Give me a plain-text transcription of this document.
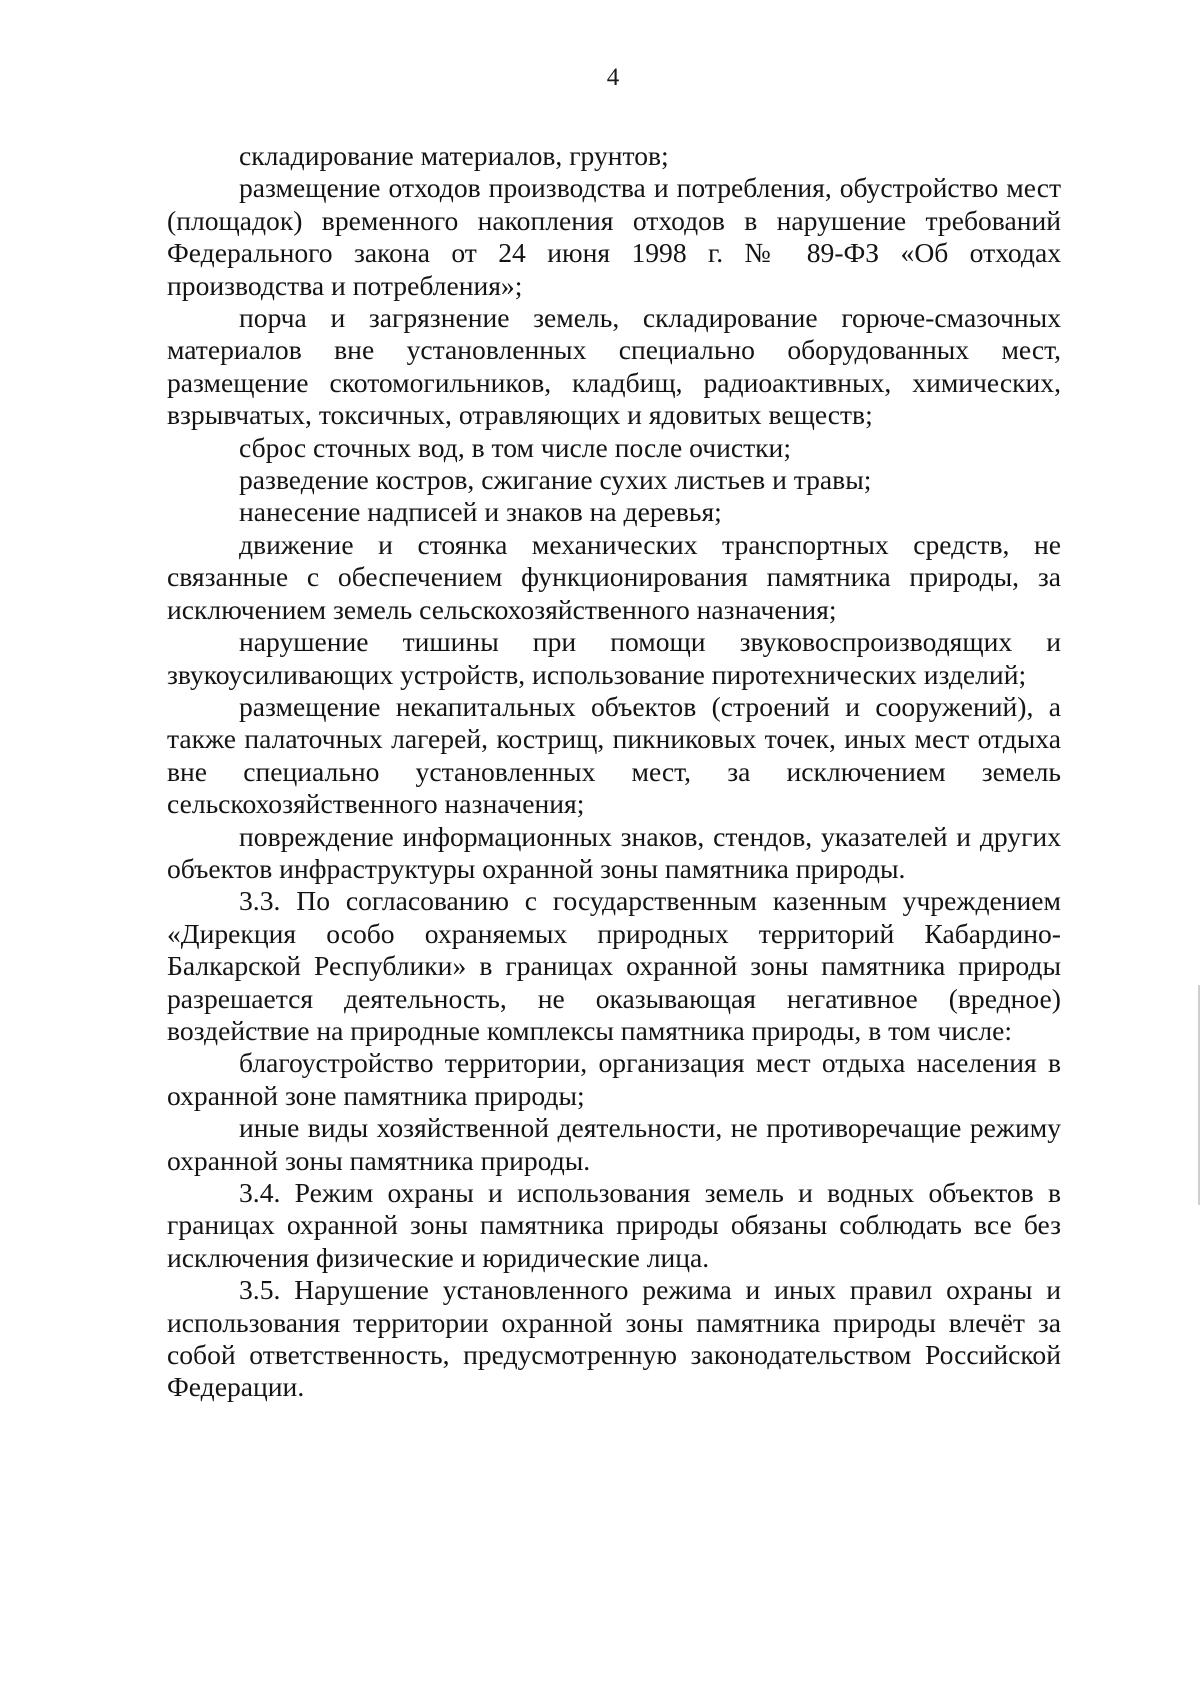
4

складирование материалов, грунтов;

размещение отходов производства и потребления, обустройство мест (площадок) временного накопления отходов в нарушение требований Федерального закона от 24 июня 1998 г. № 89-ФЗ «Об отходах производства и потребления»;

порча и загрязнение земель, складирование горюче-смазочных материалов вне установленных специально оборудованных мест, размещение скотомогильников, кладбищ, радиоактивных, химических, взрывчатых, токсичных, отравляющих и ядовитых веществ;

сброс сточных вод, в том числе после очистки;

разведение костров, сжигание сухих листьев и травы;

нанесение надписей и знаков на деревья;

движение и стоянка механических транспортных средств, не связанные с обеспечением функционирования памятника природы, за исключением земель сельскохозяйственного назначения;

нарушение тишины при помощи звуковоспроизводящих и звукоусиливающих устройств, использование пиротехнических изделий;

размещение некапитальных объектов (строений и сооружений), а также палаточных лагерей, кострищ, пикниковых точек, иных мест отдыха вне специально установленных мест, за исключением земель сельскохозяйственного назначения;

повреждение информационных знаков, стендов, указателей и других объектов инфраструктуры охранной зоны памятника природы.

3.3. По согласованию с государственным казенным учреждением «Дирекция особо охраняемых природных территорий Кабардино-Балкарской Республики» в границах охранной зоны памятника природы разрешается деятельность, не оказывающая негативное (вредное) воздействие на природные комплексы памятника природы, в том числе:

благоустройство территории, организация мест отдыха населения в охранной зоне памятника природы;

иные виды хозяйственной деятельности, не противоречащие режиму охранной зоны памятника природы.

3.4. Режим охраны и использования земель и водных объектов в границах охранной зоны памятника природы обязаны соблюдать все без исключения физические и юридические лица.

3.5. Нарушение установленного режима и иных правил охраны и использования территории охранной зоны памятника природы влечёт за собой ответственность, предусмотренную законодательством Российской Федерации.
